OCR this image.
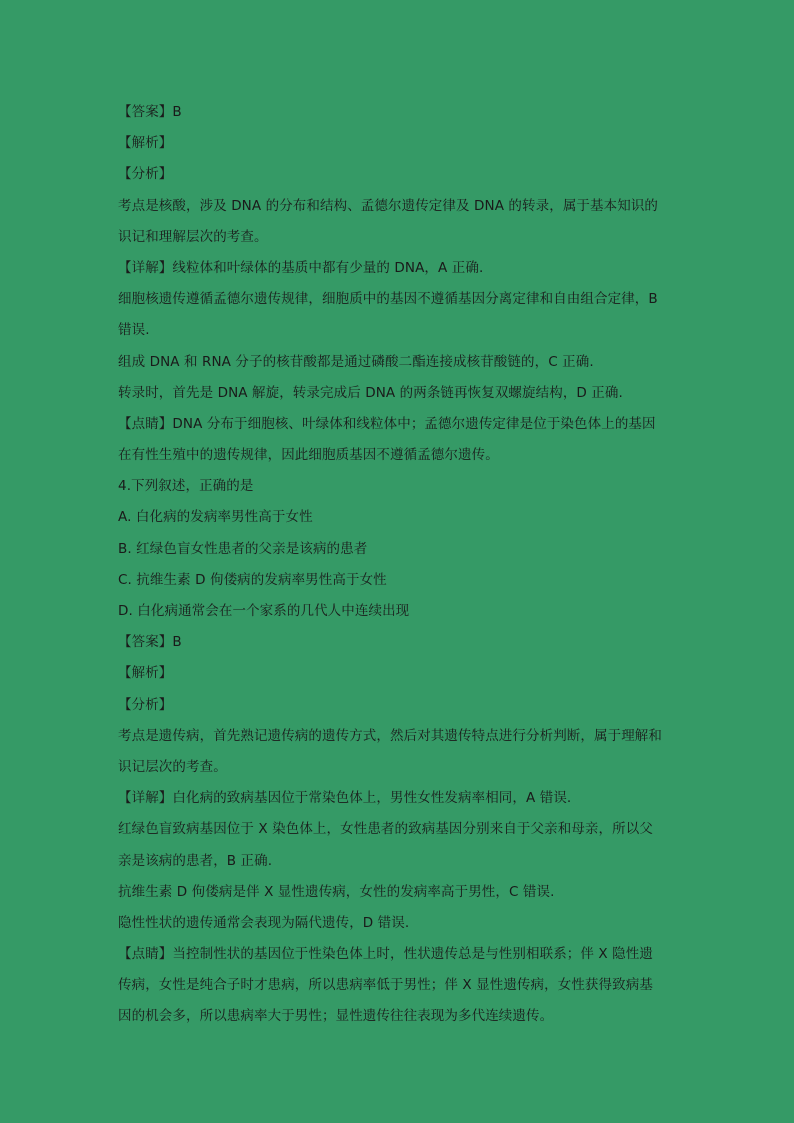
【答案】B
【解析】
【分析】
考点是核酸，涉及 DNA 的分布和结构、孟德尔遗传定律及 DNA 的转录，属于基本知识的
识记和理解层次的考查。
【详解】线粒体和叶绿体的基质中都有少量的 DNA，A 正确.
细胞核遗传遵循孟德尔遗传规律，细胞质中的基因不遵循基因分离定律和自由组合定律，B
错误.
组成 DNA 和 RNA 分子的核苷酸都是通过磷酸二酯连接成核苷酸链的，C 正确.
转录时，首先是 DNA 解旋，转录完成后 DNA 的两条链再恢复双螺旋结构，D 正确.
【点睛】DNA 分布于细胞核、叶绿体和线粒体中；孟德尔遗传定律是位于染色体上的基因
在有性生殖中的遗传规律，因此细胞质基因不遵循孟德尔遗传。
4.下列叙述，正确的是
A. 白化病的发病率男性高于女性
B. 红绿色盲女性患者的父亲是该病的患者
C. 抗维生素 D 佝偻病的发病率男性高于女性
D. 白化病通常会在一个家系的几代人中连续出现
【答案】B
【解析】
【分析】
考点是遗传病，首先熟记遗传病的遗传方式，然后对其遗传特点进行分析判断，属于理解和
识记层次的考查。
【详解】白化病的致病基因位于常染色体上，男性女性发病率相同，A 错误.
红绿色盲致病基因位于 X 染色体上，女性患者的致病基因分别来自于父亲和母亲，所以父
亲是该病的患者，B 正确.
抗维生素 D 佝偻病是伴 X 显性遗传病，女性的发病率高于男性，C 错误.
隐性性状的遗传通常会表现为隔代遗传，D 错误.
【点睛】当控制性状的基因位于性染色体上时，性状遗传总是与性别相联系；伴 X 隐性遗
传病，女性是纯合子时才患病，所以患病率低于男性；伴 X 显性遗传病，女性获得致病基
因的机会多，所以患病率大于男性；显性遗传往往表现为多代连续遗传。
